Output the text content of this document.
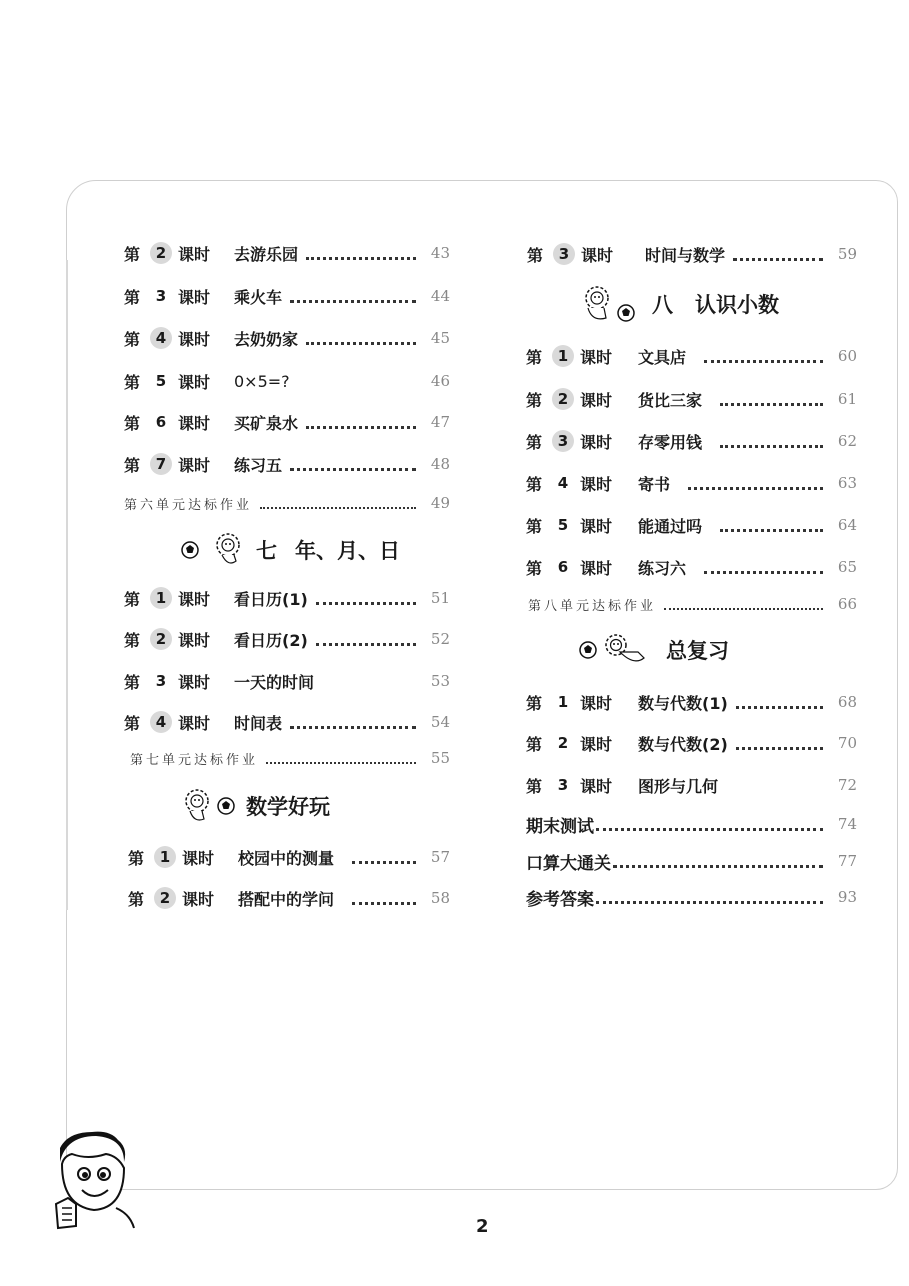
第	2 课时	去游乐园	43
第	3 课时	乘火车	44
第	4 课时	去奶奶家	45
第	5 课时	0×5=?	46
第	6 课时	买矿泉水	47
第	7 课时	练习五	48
第六单元达标作业	49
七 年、月、日
第	1 课时	看日历(1)	51
第	2 课时	看日历(2)	52
第	3 课时	一天的时间	53
第	4 课时	时间表	54
第七单元达标作业	55
数学好玩
第	1 课时	校园中的测量	57
第	2 课时	搭配中的学问	58
第	3 课时	时间与数学	59
八 认识小数
第	1 课时	文具店	60
第	2 课时	货比三家	61
第	3 课时	存零用钱	62
第	4 课时	寄书	63
第	5 课时	能通过吗	64
第	6 课时	练习六	65
第八单元达标作业	66
总复习
第	1 课时	数与代数(1)	68
第	2 课时	数与代数(2)	70
第	3 课时	图形与几何	72
期末测试	74
口算大通关	77
参考答案	93
2
